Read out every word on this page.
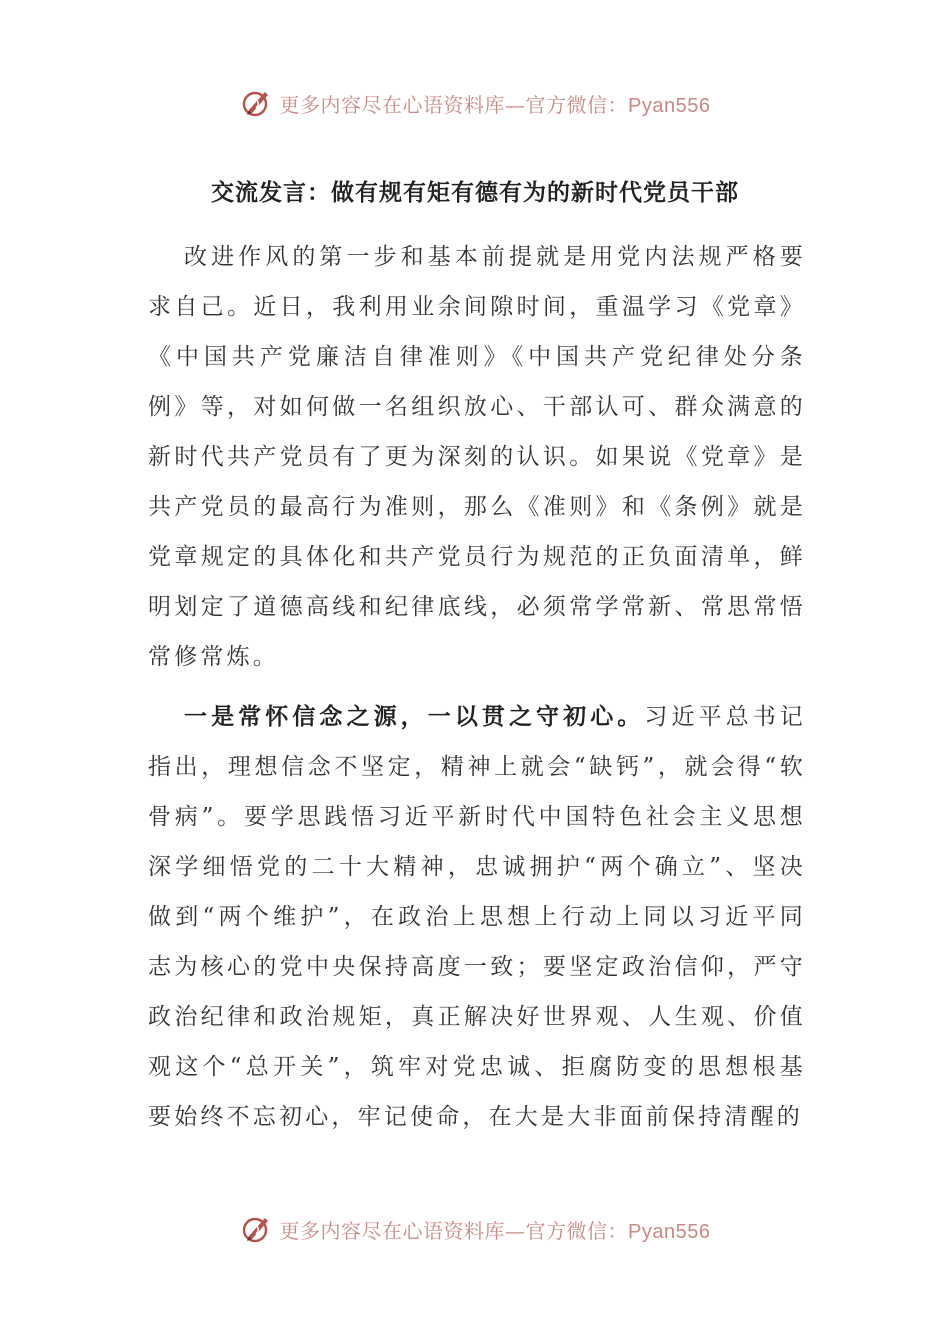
更多内容尽在心语资料库—官方微信：Pyan556
交流发言：做有规有矩有德有为的新时代党员干部

改进作风的第一步和基本前提就是用党内法规严格要求自己。近日，我利用业余间隙时间，重温学习《党章》《中国共产党廉洁自律准则》《中国共产党纪律处分条例》等，对如何做一名组织放心、干部认可、群众满意的新时代共产党员有了更为深刻的认识。如果说《党章》是共产党员的最高行为准则，那么《准则》和《条例》就是党章规定的具体化和共产党员行为规范的正负面清单，鲜明划定了道德高线和纪律底线，必须常学常新、常思常悟常修常炼。

一是常怀信念之源，一以贯之守初心。习近平总书记指出，理想信念不坚定，精神上就会“缺钙”，就会得“软骨病”。要学思践悟习近平新时代中国特色社会主义思想深学细悟党的二十大精神，忠诚拥护“两个确立”、坚决做到“两个维护”，在政治上思想上行动上同以习近平同志为核心的党中央保持高度一致；要坚定政治信仰，严守政治纪律和政治规矩，真正解决好世界观、人生观、价值观这个“总开关”，筑牢对党忠诚、拒腐防变的思想根基要始终不忘初心，牢记使命，在大是大非面前保持清醒的

更多内容尽在心语资料库—官方微信：Pyan556
